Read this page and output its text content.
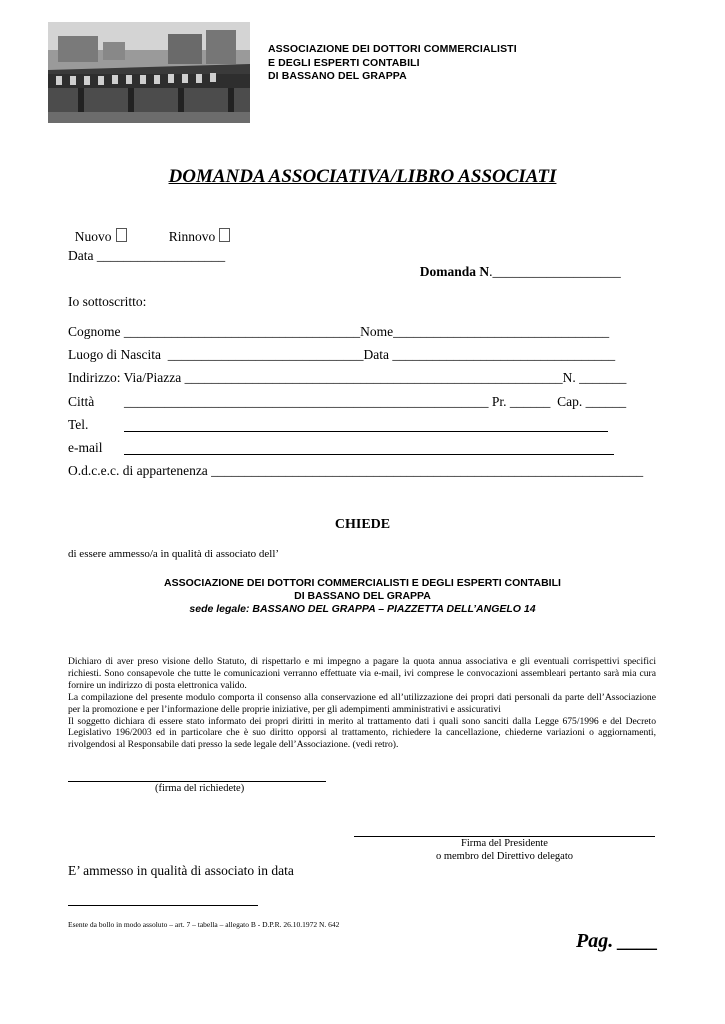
ASSOCIAZIONE DEI DOTTORI COMMERCIALISTI
E DEGLI ESPERTI CONTABILI
DI BASSANO DEL GRAPPA
DOMANDA ASSOCIATIVA/LIBRO ASSOCIATI

Nuovo	Rinnovo

Data ___________________

Domanda N.___________________

Io sottoscritto:
Cognome ___________________________________Nome________________________________
Luogo di Nascita  _____________________________Data _________________________________
Indirizzo: Via/Piazza ________________________________________________________N. _______
Città ______________________________________________________ Pr. ______  Cap. ______
Tel.
e-mail
O.d.c.e.c. di appartenenza ________________________________________________________________
CHIEDE
di essere ammesso/a in qualità di associato dell’
ASSOCIAZIONE DEI DOTTORI COMMERCIALISTI E DEGLI ESPERTI CONTABILI
DI BASSANO DEL GRAPPA
sede legale: BASSANO DEL GRAPPA – PIAZZETTA DELL’ANGELO 14
Dichiaro di aver preso visione dello Statuto, di rispettarlo e mi impegno a pagare la quota annua associativa e gli eventuali corrispettivi specifici
richiesti. Sono consapevole che tutte le comunicazioni verranno effettuate via e-mail, ivi comprese le convocazioni assembleari pertanto sarà mia cura
fornire un indirizzo di posta elettronica valido.
La compilazione del presente modulo comporta il consenso alla conservazione ed all’utilizzazione dei propri dati personali da parte dell’Associazione
per la promozione e per l’informazione delle proprie iniziative, per gli adempimenti amministrativi e assicurativi
Il soggetto dichiara di essere stato informato dei propri diritti in merito al trattamento dati i quali sono sanciti dalla Legge 675/1996 e del Decreto
Legislativo 196/2003 ed in particolare che è suo diritto opporsi al trattamento, richiedere la cancellazione, chiederne variazioni o aggiornamenti,
rivolgendosi al Responsabile dati presso la sede legale dell’Associazione. (vedi retro).
(firma del richiedete)
Firma del Presidente
o membro del Direttivo delegato
E’ ammesso in qualità di associato in data
Esente da bollo in modo assoluto – art. 7 – tabella – allegato B - D.P.R. 26.10.1972 N. 642
Pag. ____
